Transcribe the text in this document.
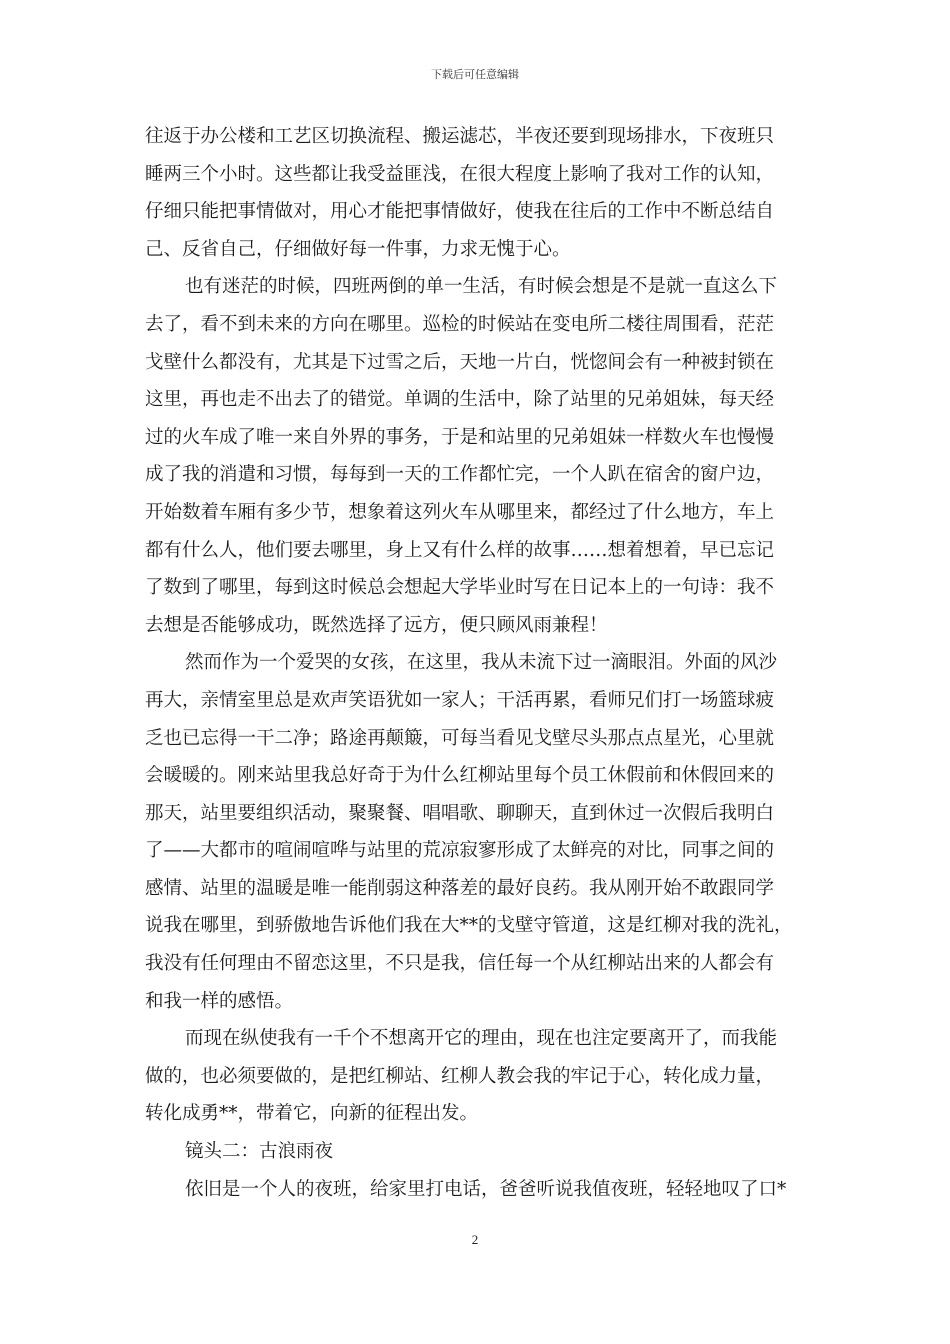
下载后可任意编辑
往返于办公楼和工艺区切换流程、搬运滤芯，半夜还要到现场排水，下夜班只
睡两三个小时。这些都让我受益匪浅，在很大程度上影响了我对工作的认知，
仔细只能把事情做对，用心才能把事情做好，使我在往后的工作中不断总结自
己、反省自己，仔细做好每一件事，力求无愧于心。
也有迷茫的时候，四班两倒的单一生活，有时候会想是不是就一直这么下
去了，看不到未来的方向在哪里。巡检的时候站在变电所二楼往周围看，茫茫
戈壁什么都没有，尤其是下过雪之后，天地一片白，恍惚间会有一种被封锁在
这里，再也走不出去了的错觉。单调的生活中，除了站里的兄弟姐妹，每天经
过的火车成了唯一来自外界的事务，于是和站里的兄弟姐妹一样数火车也慢慢
成了我的消遣和习惯，每每到一天的工作都忙完，一个人趴在宿舍的窗户边，
开始数着车厢有多少节，想象着这列火车从哪里来，都经过了什么地方，车上
都有什么人，他们要去哪里，身上又有什么样的故事……想着想着，早已忘记
了数到了哪里，每到这时候总会想起大学毕业时写在日记本上的一句诗：我不
去想是否能够成功，既然选择了远方，便只顾风雨兼程！
然而作为一个爱哭的女孩，在这里，我从未流下过一滴眼泪。外面的风沙
再大，亲情室里总是欢声笑语犹如一家人；干活再累，看师兄们打一场篮球疲
乏也已忘得一干二净；路途再颠簸，可每当看见戈壁尽头那点点星光，心里就
会暖暖的。刚来站里我总好奇于为什么红柳站里每个员工休假前和休假回来的
那天，站里要组织活动，聚聚餐、唱唱歌、聊聊天，直到休过一次假后我明白
了——大都市的喧闹喧哗与站里的荒凉寂寥形成了太鲜亮的对比，同事之间的
感情、站里的温暖是唯一能削弱这种落差的最好良药。我从刚开始不敢跟同学
说我在哪里，到骄傲地告诉他们我在大**的戈壁守管道，这是红柳对我的洗礼，
我没有任何理由不留恋这里，不只是我，信任每一个从红柳站出来的人都会有
和我一样的感悟。
而现在纵使我有一千个不想离开它的理由，现在也注定要离开了，而我能
做的，也必须要做的，是把红柳站、红柳人教会我的牢记于心，转化成力量，
转化成勇**，带着它，向新的征程出发。
镜头二：古浪雨夜
依旧是一个人的夜班，给家里打电话，爸爸听说我值夜班，轻轻地叹了口*
2
